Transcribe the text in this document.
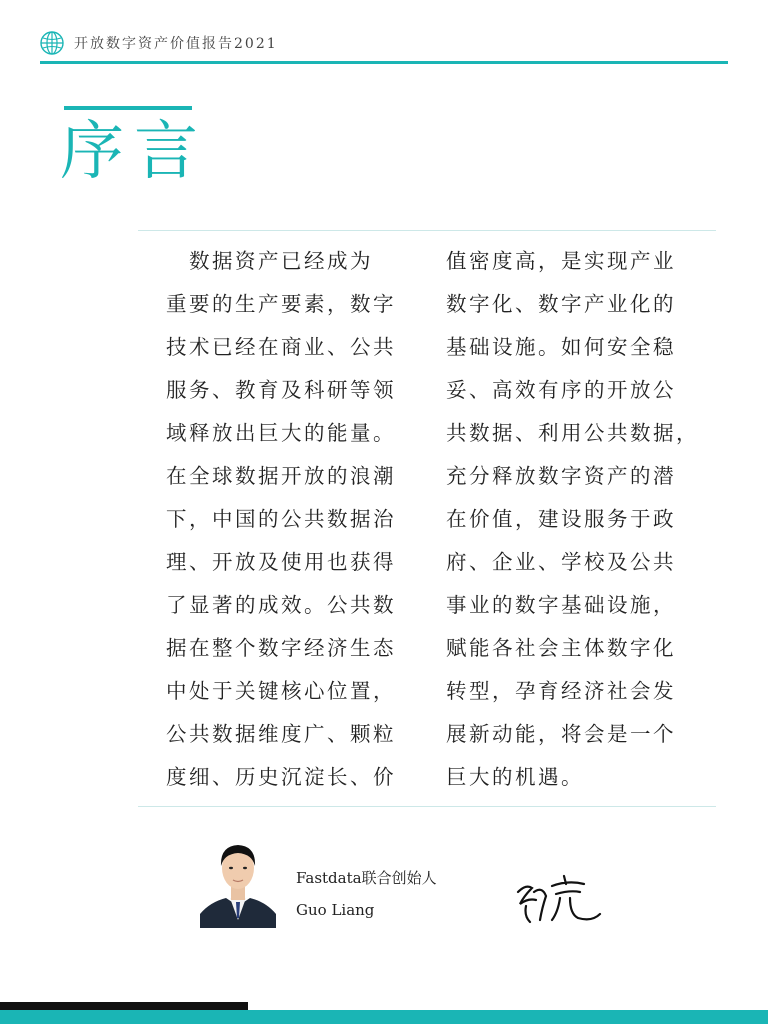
开放数字资产价值报告2021
序言
　数据资产已经成为
重要的生产要素，数字
技术已经在商业、公共
服务、教育及科研等领
域释放出巨大的能量。
在全球数据开放的浪潮
下，中国的公共数据治
理、开放及使用也获得
了显著的成效。公共数
据在整个数字经济生态
中处于关键核心位置，
公共数据维度广、颗粒
度细、历史沉淀长、价
值密度高，是实现产业
数字化、数字产业化的
基础设施。如何安全稳
妥、高效有序的开放公
共数据、利用公共数据，
充分释放数字资产的潜
在价值，建设服务于政
府、企业、学校及公共
事业的数字基础设施，
赋能各社会主体数字化
转型，孕育经济社会发
展新动能，将会是一个
巨大的机遇。
Fastdata联合创始人
Guo Liang
